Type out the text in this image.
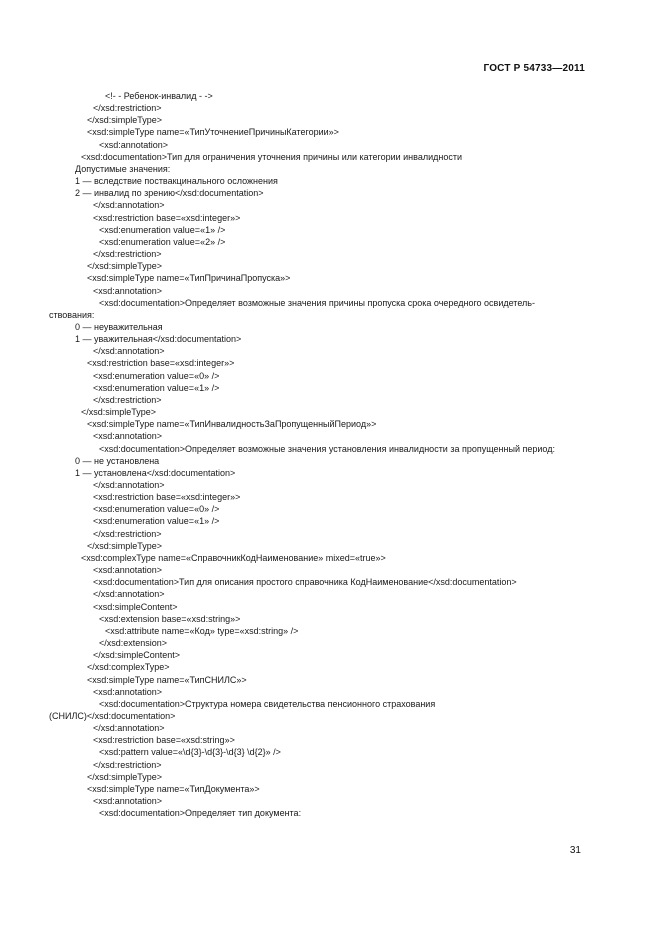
ГОСТ Р 54733—2011
<!- - Ребенок-инвалид - ->
</xsd:restriction>
</xsd:simpleType>
<xsd:simpleType name=«ТипУточнениеПричиныКатегории»>
<xsd:annotation>
<xsd:documentation>Тип для ограничения уточнения причины или категории инвалидности
Допустимые значения:
1 — вследствие поствакцинального осложнения
2 — инвалид по зрению</xsd:documentation>
</xsd:annotation>
<xsd:restriction base=«xsd:integer»>
<xsd:enumeration value=«1» />
<xsd:enumeration value=«2» />
</xsd:restriction>
</xsd:simpleType>
<xsd:simpleType name=«ТипПричинаПропуска»>
<xsd:annotation>
<xsd:documentation>Определяет возможные значения причины пропуска срока очередного освидетель-
ствования:
0 — неуважительная
1 — уважительная</xsd:documentation>
</xsd:annotation>
<xsd:restriction base=«xsd:integer»>
<xsd:enumeration value=«0» />
<xsd:enumeration value=«1» />
</xsd:restriction>
</xsd:simpleType>
<xsd:simpleType name=«ТипИнвалидностьЗаПропущенныйПериод»>
<xsd:annotation>
<xsd:documentation>Определяет возможные значения установления инвалидности за пропущенный период:
0 — не установлена
1 — установлена</xsd:documentation>
</xsd:annotation>
<xsd:restriction base=«xsd:integer»>
<xsd:enumeration value=«0» />
<xsd:enumeration value=«1» />
</xsd:restriction>
</xsd:simpleType>
<xsd:complexType name=«СправочникКодНаименование» mixed=«true»>
<xsd:annotation>
<xsd:documentation>Тип для описания простого справочника КодНаименование</xsd:documentation>
</xsd:annotation>
<xsd:simpleContent>
<xsd:extension base=«xsd:string»>
<xsd:attribute name=«Код» type=«xsd:string» />
</xsd:extension>
</xsd:simpleContent>
</xsd:complexType>
<xsd:simpleType name=«ТипСНИЛС»>
<xsd:annotation>
<xsd:documentation>Структура номера свидетельства пенсионного страхования
(СНИЛС)</xsd:documentation>
</xsd:annotation>
<xsd:restriction base=«xsd:string»>
<xsd:pattern value=«\d{3}-\d{3}-\d{3} \d{2}» />
</xsd:restriction>
</xsd:simpleType>
<xsd:simpleType name=«ТипДокумента»>
<xsd:annotation>
<xsd:documentation>Определяет тип документа:
31
